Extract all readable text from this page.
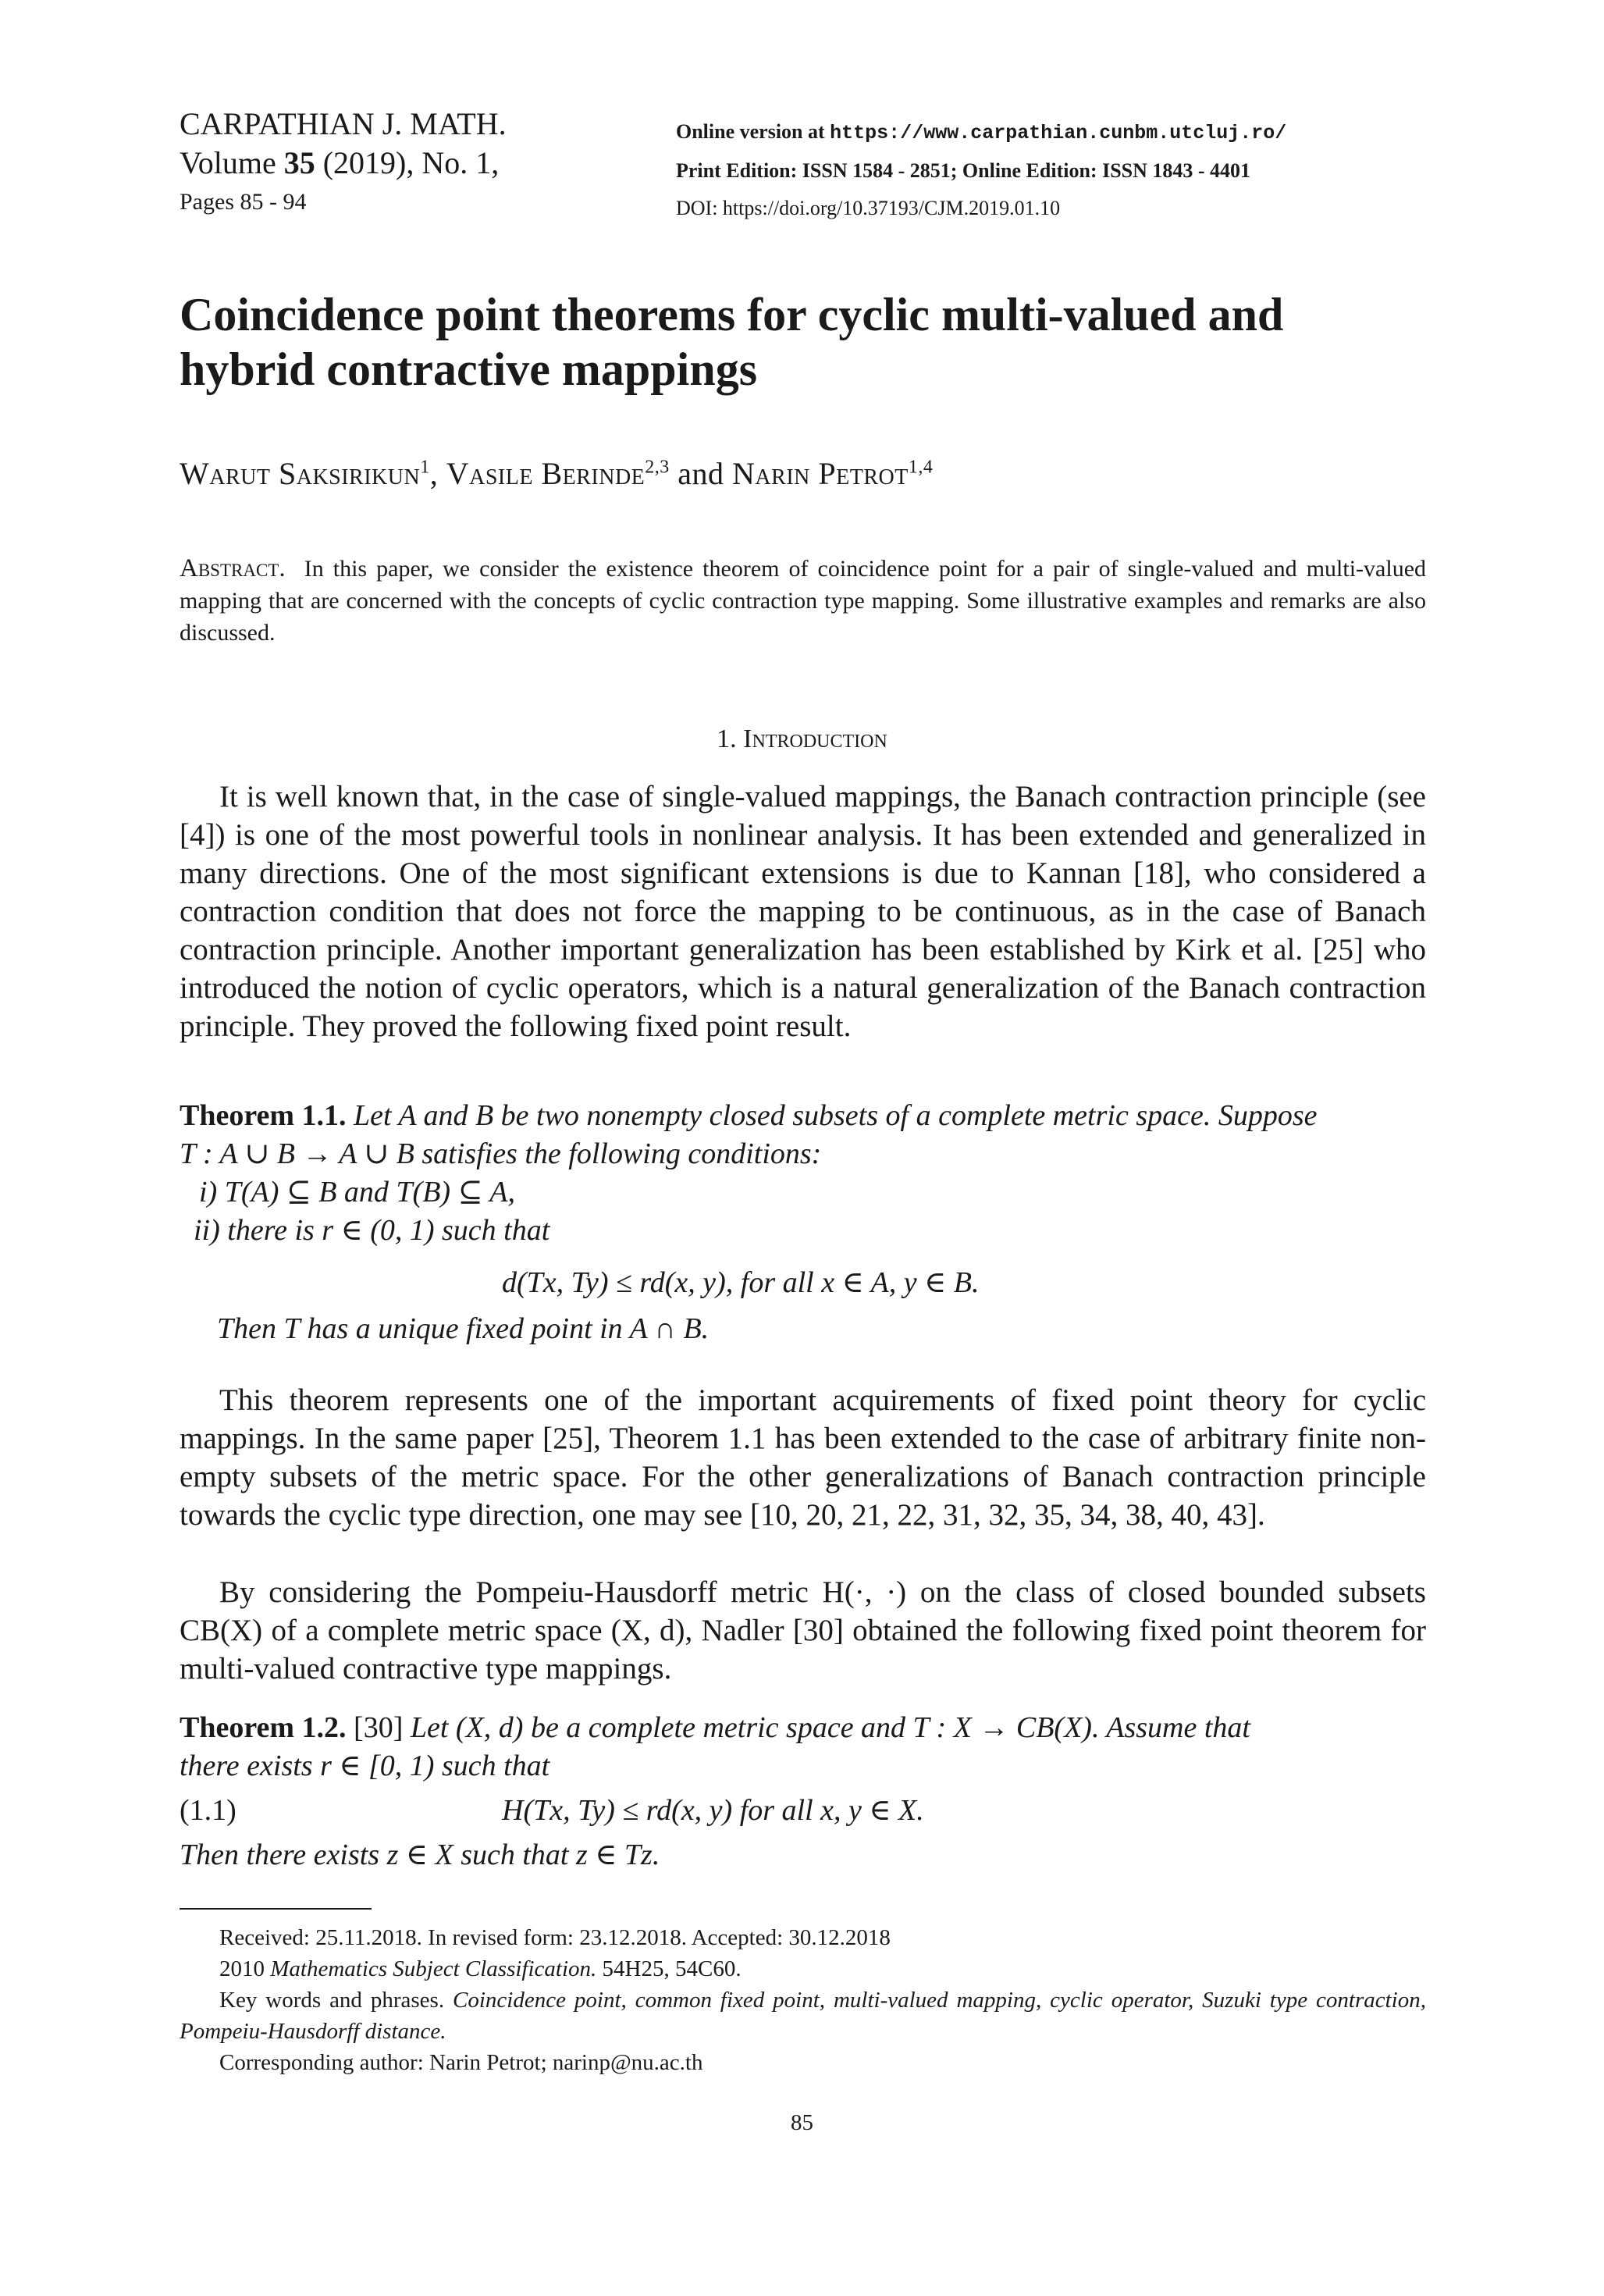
CARPATHIAN J. MATH.
Volume 35 (2019), No. 1,
Pages 85 - 94
Online version at https://www.carpathian.cunbm.utcluj.ro/
Print Edition: ISSN 1584 - 2851; Online Edition: ISSN 1843 - 4401
DOI: https://doi.org/10.37193/CJM.2019.01.10
Coincidence point theorems for cyclic multi-valued and
hybrid contractive mappings
Warut Saksirikun$^1$, Vasile Berinde$^{2,3}$ and Narin Petrot$^{1,4}$
Abstract. In this paper, we consider the existence theorem of coincidence point for a pair of single-valued and multi-valued mapping that are concerned with the concepts of cyclic contraction type mapping. Some illustrative examples and remarks are also discussed.
1. Introduction
It is well known that, in the case of single-valued mappings, the Banach contraction principle (see [4]) is one of the most powerful tools in nonlinear analysis. It has been extended and generalized in many directions. One of the most significant extensions is due to Kannan [18], who considered a contraction condition that does not force the mapping to be continuous, as in the case of Banach contraction principle. Another important generalization has been established by Kirk et al. [25] who introduced the notion of cyclic operators, which is a natural generalization of the Banach contraction principle. They proved the following fixed point result.
Theorem 1.1. Let A and B be two nonempty closed subsets of a complete metric space. Suppose
T : A ∪ B → A ∪ B satisfies the following conditions:
i) T(A) ⊆ B and T(B) ⊆ A,
ii) there is r ∈ (0, 1) such that
d(Tx, Ty) ≤ rd(x, y), for all x ∈ A, y ∈ B.
Then T has a unique fixed point in A ∩ B.
This theorem represents one of the important acquirements of fixed point theory for cyclic mappings. In the same paper [25], Theorem 1.1 has been extended to the case of arbitrary finite non-empty subsets of the metric space. For the other generalizations of Banach contraction principle towards the cyclic type direction, one may see [10, 20, 21, 22, 31, 32, 35, 34, 38, 40, 43].
By considering the Pompeiu-Hausdorff metric H(·, ·) on the class of closed bounded subsets CB(X) of a complete metric space (X, d), Nadler [30] obtained the following fixed point theorem for multi-valued contractive type mappings.
Theorem 1.2. [30] Let (X, d) be a complete metric space and T : X → CB(X). Assume that
there exists r ∈ [0, 1) such that
(1.1)	H(Tx, Ty) ≤ rd(x, y) for all x, y ∈ X.
Then there exists z ∈ X such that z ∈ Tz.
Received: 25.11.2018. In revised form: 23.12.2018. Accepted: 30.12.2018
2010 Mathematics Subject Classification. 54H25, 54C60.
Key words and phrases. Coincidence point, common fixed point, multi-valued mapping, cyclic operator, Suzuki type contraction, Pompeiu-Hausdorff distance.
Corresponding author: Narin Petrot; narinp@nu.ac.th
85
